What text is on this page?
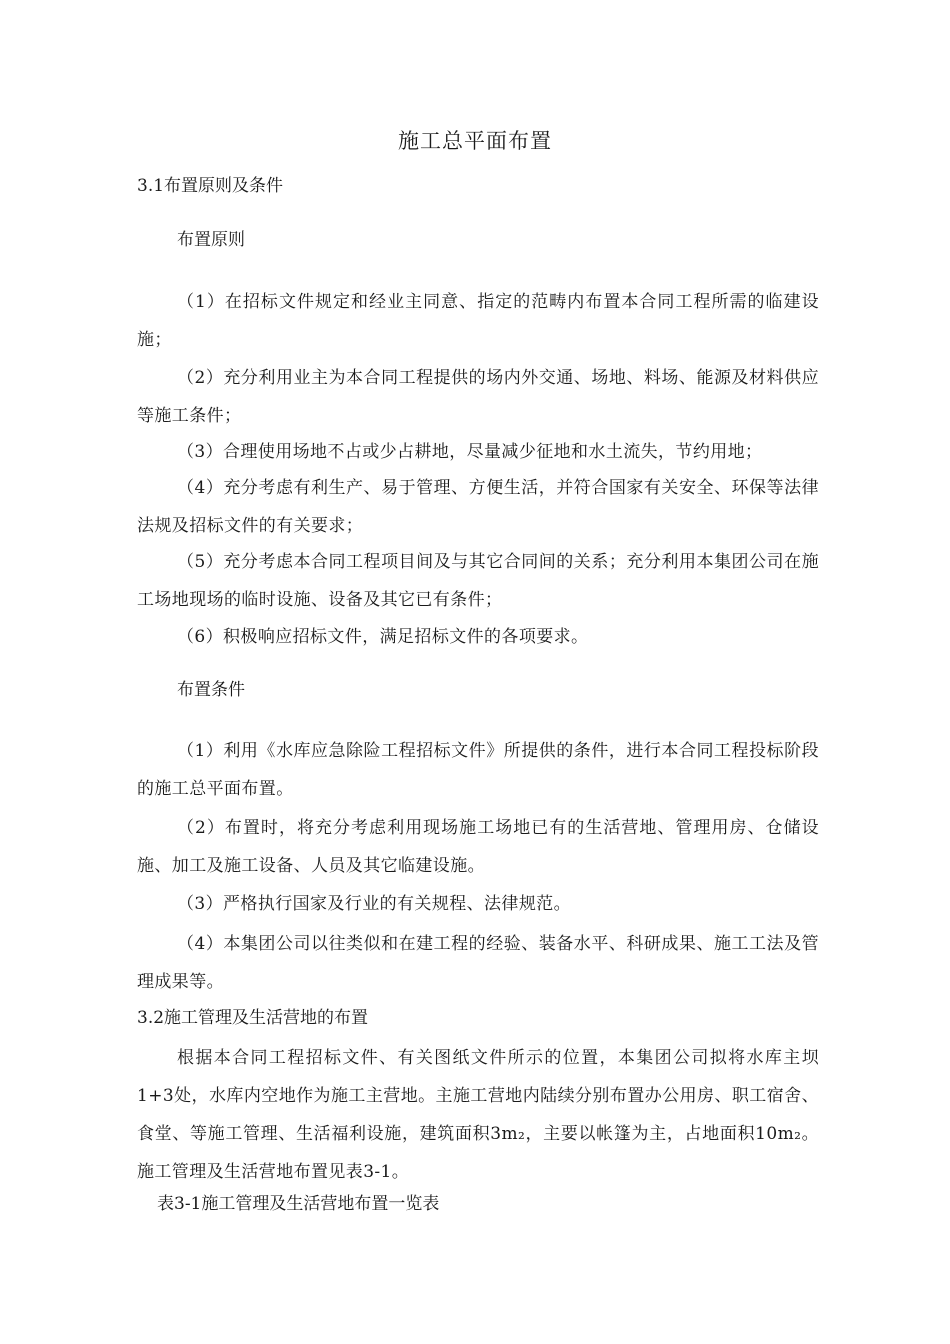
施工总平面布置

3.1布置原则及条件

布置原则

（1）在招标文件规定和经业主同意、指定的范畴内布置本合同工程所需的临建设施；

（2）充分利用业主为本合同工程提供的场内外交通、场地、料场、能源及材料供应等施工条件；

（3）合理使用场地不占或少占耕地，尽量减少征地和水土流失，节约用地；

（4）充分考虑有利生产、易于管理、方便生活，并符合国家有关安全、环保等法律法规及招标文件的有关要求；

（5）充分考虑本合同工程项目间及与其它合同间的关系；充分利用本集团公司在施工场地现场的临时设施、设备及其它已有条件；

（6）积极响应招标文件，满足招标文件的各项要求。

布置条件

（1）利用《水库应急除险工程招标文件》所提供的条件，进行本合同工程投标阶段的施工总平面布置。

（2）布置时，将充分考虑利用现场施工场地已有的生活营地、管理用房、仓储设施、加工及施工设备、人员及其它临建设施。

（3）严格执行国家及行业的有关规程、法律规范。

（4）本集团公司以往类似和在建工程的经验、装备水平、科研成果、施工工法及管理成果等。

3.2施工管理及生活营地的布置

根据本合同工程招标文件、有关图纸文件所示的位置，本集团公司拟将水库主坝1+3处，水库内空地作为施工主营地。主施工营地内陆续分别布置办公用房、职工宿舍、食堂、等施工管理、生活福利设施，建筑面积3m₂，主要以帐篷为主，占地面积10m₂。施工管理及生活营地布置见表3-1。

表3-1施工管理及生活营地布置一览表
